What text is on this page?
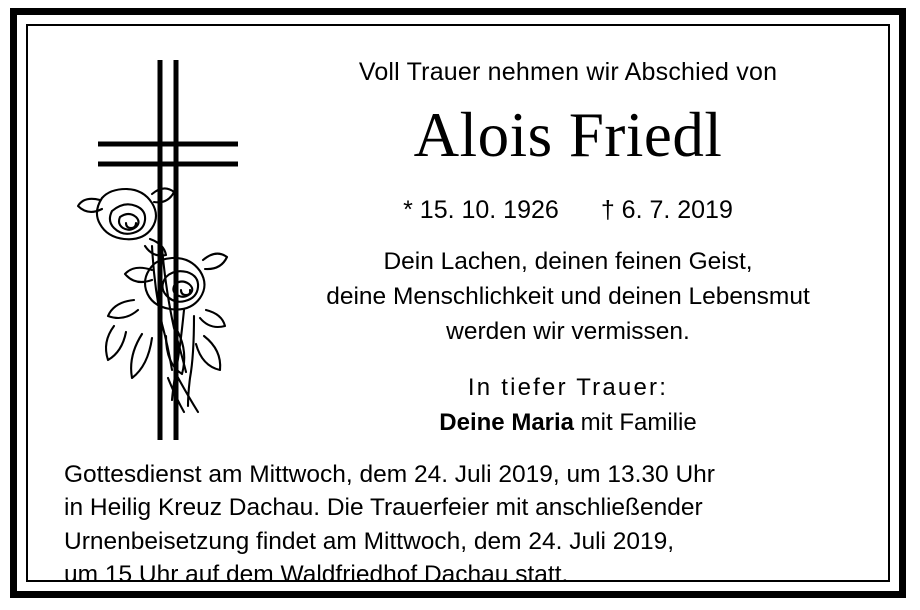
Voll Trauer nehmen wir Abschied von
Alois Friedl
* 15. 10. 1926 † 6. 7. 2019
Dein Lachen, deinen feinen Geist,
deine Menschlichkeit und deinen Lebensmut
werden wir vermissen.
In tiefer Trauer:
Deine Maria mit Familie
Gottesdienst am Mittwoch, dem 24. Juli 2019, um 13.30 Uhr
in Heilig Kreuz Dachau. Die Trauerfeier mit anschließender
Urnenbeisetzung findet am Mittwoch, dem 24. Juli 2019,
um 15 Uhr auf dem Waldfriedhof Dachau statt.
